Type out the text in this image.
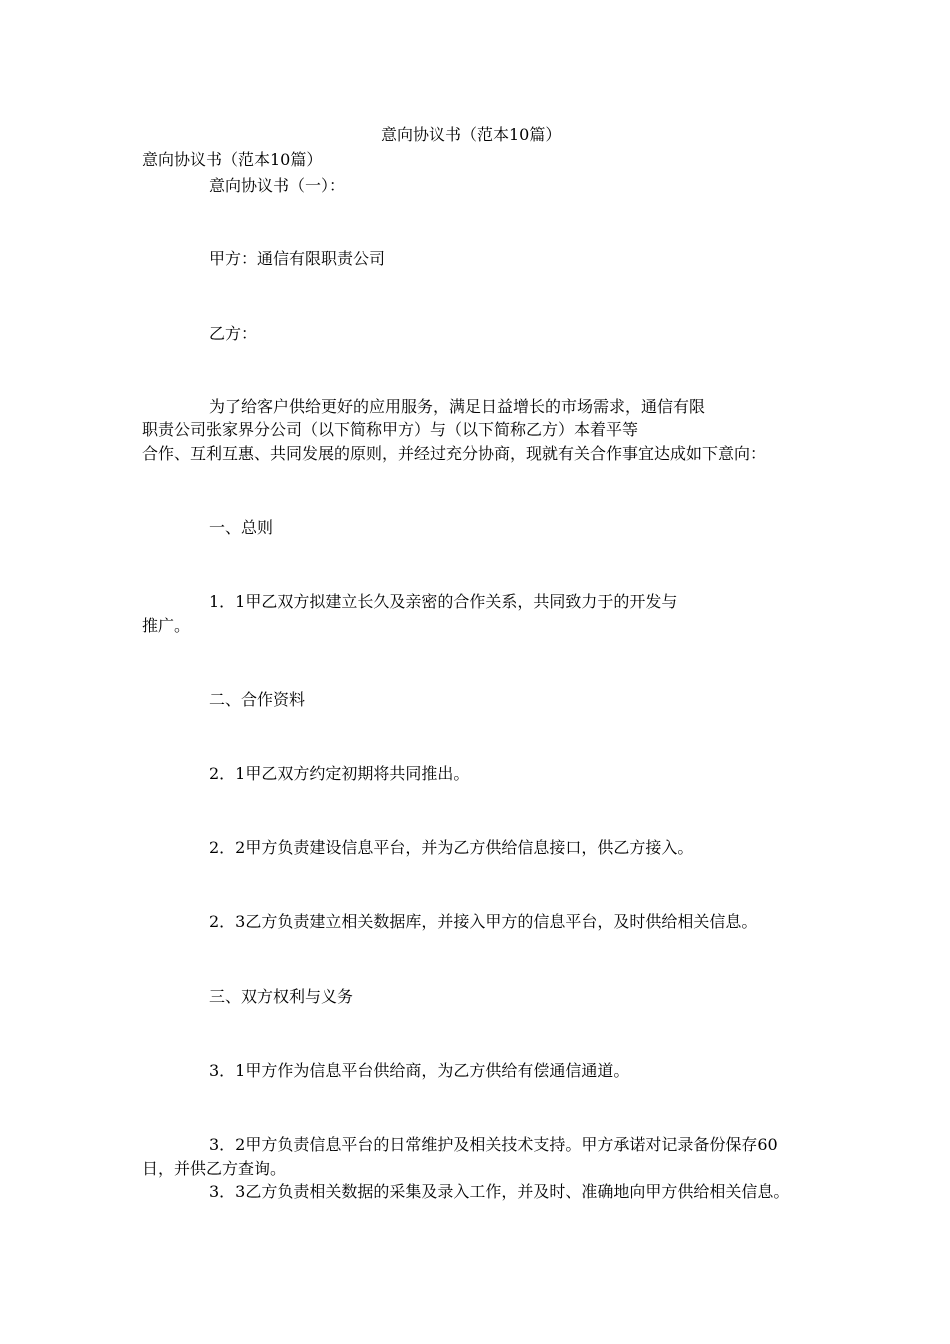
意向协议书（范本10篇）
意向协议书（范本10篇）
意向协议书（一）：
甲方：通信有限职责公司
乙方：
为了给客户供给更好的应用服务，满足日益增长的市场需求，通信有限
职责公司张家界分公司（以下简称甲方）与（以下简称乙方）本着平等
合作、互利互惠、共同发展的原则，并经过充分协商，现就有关合作事宜达成如下意向：
一、总则
1．1甲乙双方拟建立长久及亲密的合作关系，共同致力于的开发与
推广。
二、合作资料
2．1甲乙双方约定初期将共同推出。
2．2甲方负责建设信息平台，并为乙方供给信息接口，供乙方接入。
2．3乙方负责建立相关数据库，并接入甲方的信息平台，及时供给相关信息。
三、双方权利与义务
3．1甲方作为信息平台供给商，为乙方供给有偿通信通道。
3．2甲方负责信息平台的日常维护及相关技术支持。甲方承诺对记录备份保存60
日，并供乙方查询。
3．3乙方负责相关数据的采集及录入工作，并及时、准确地向甲方供给相关信息。
